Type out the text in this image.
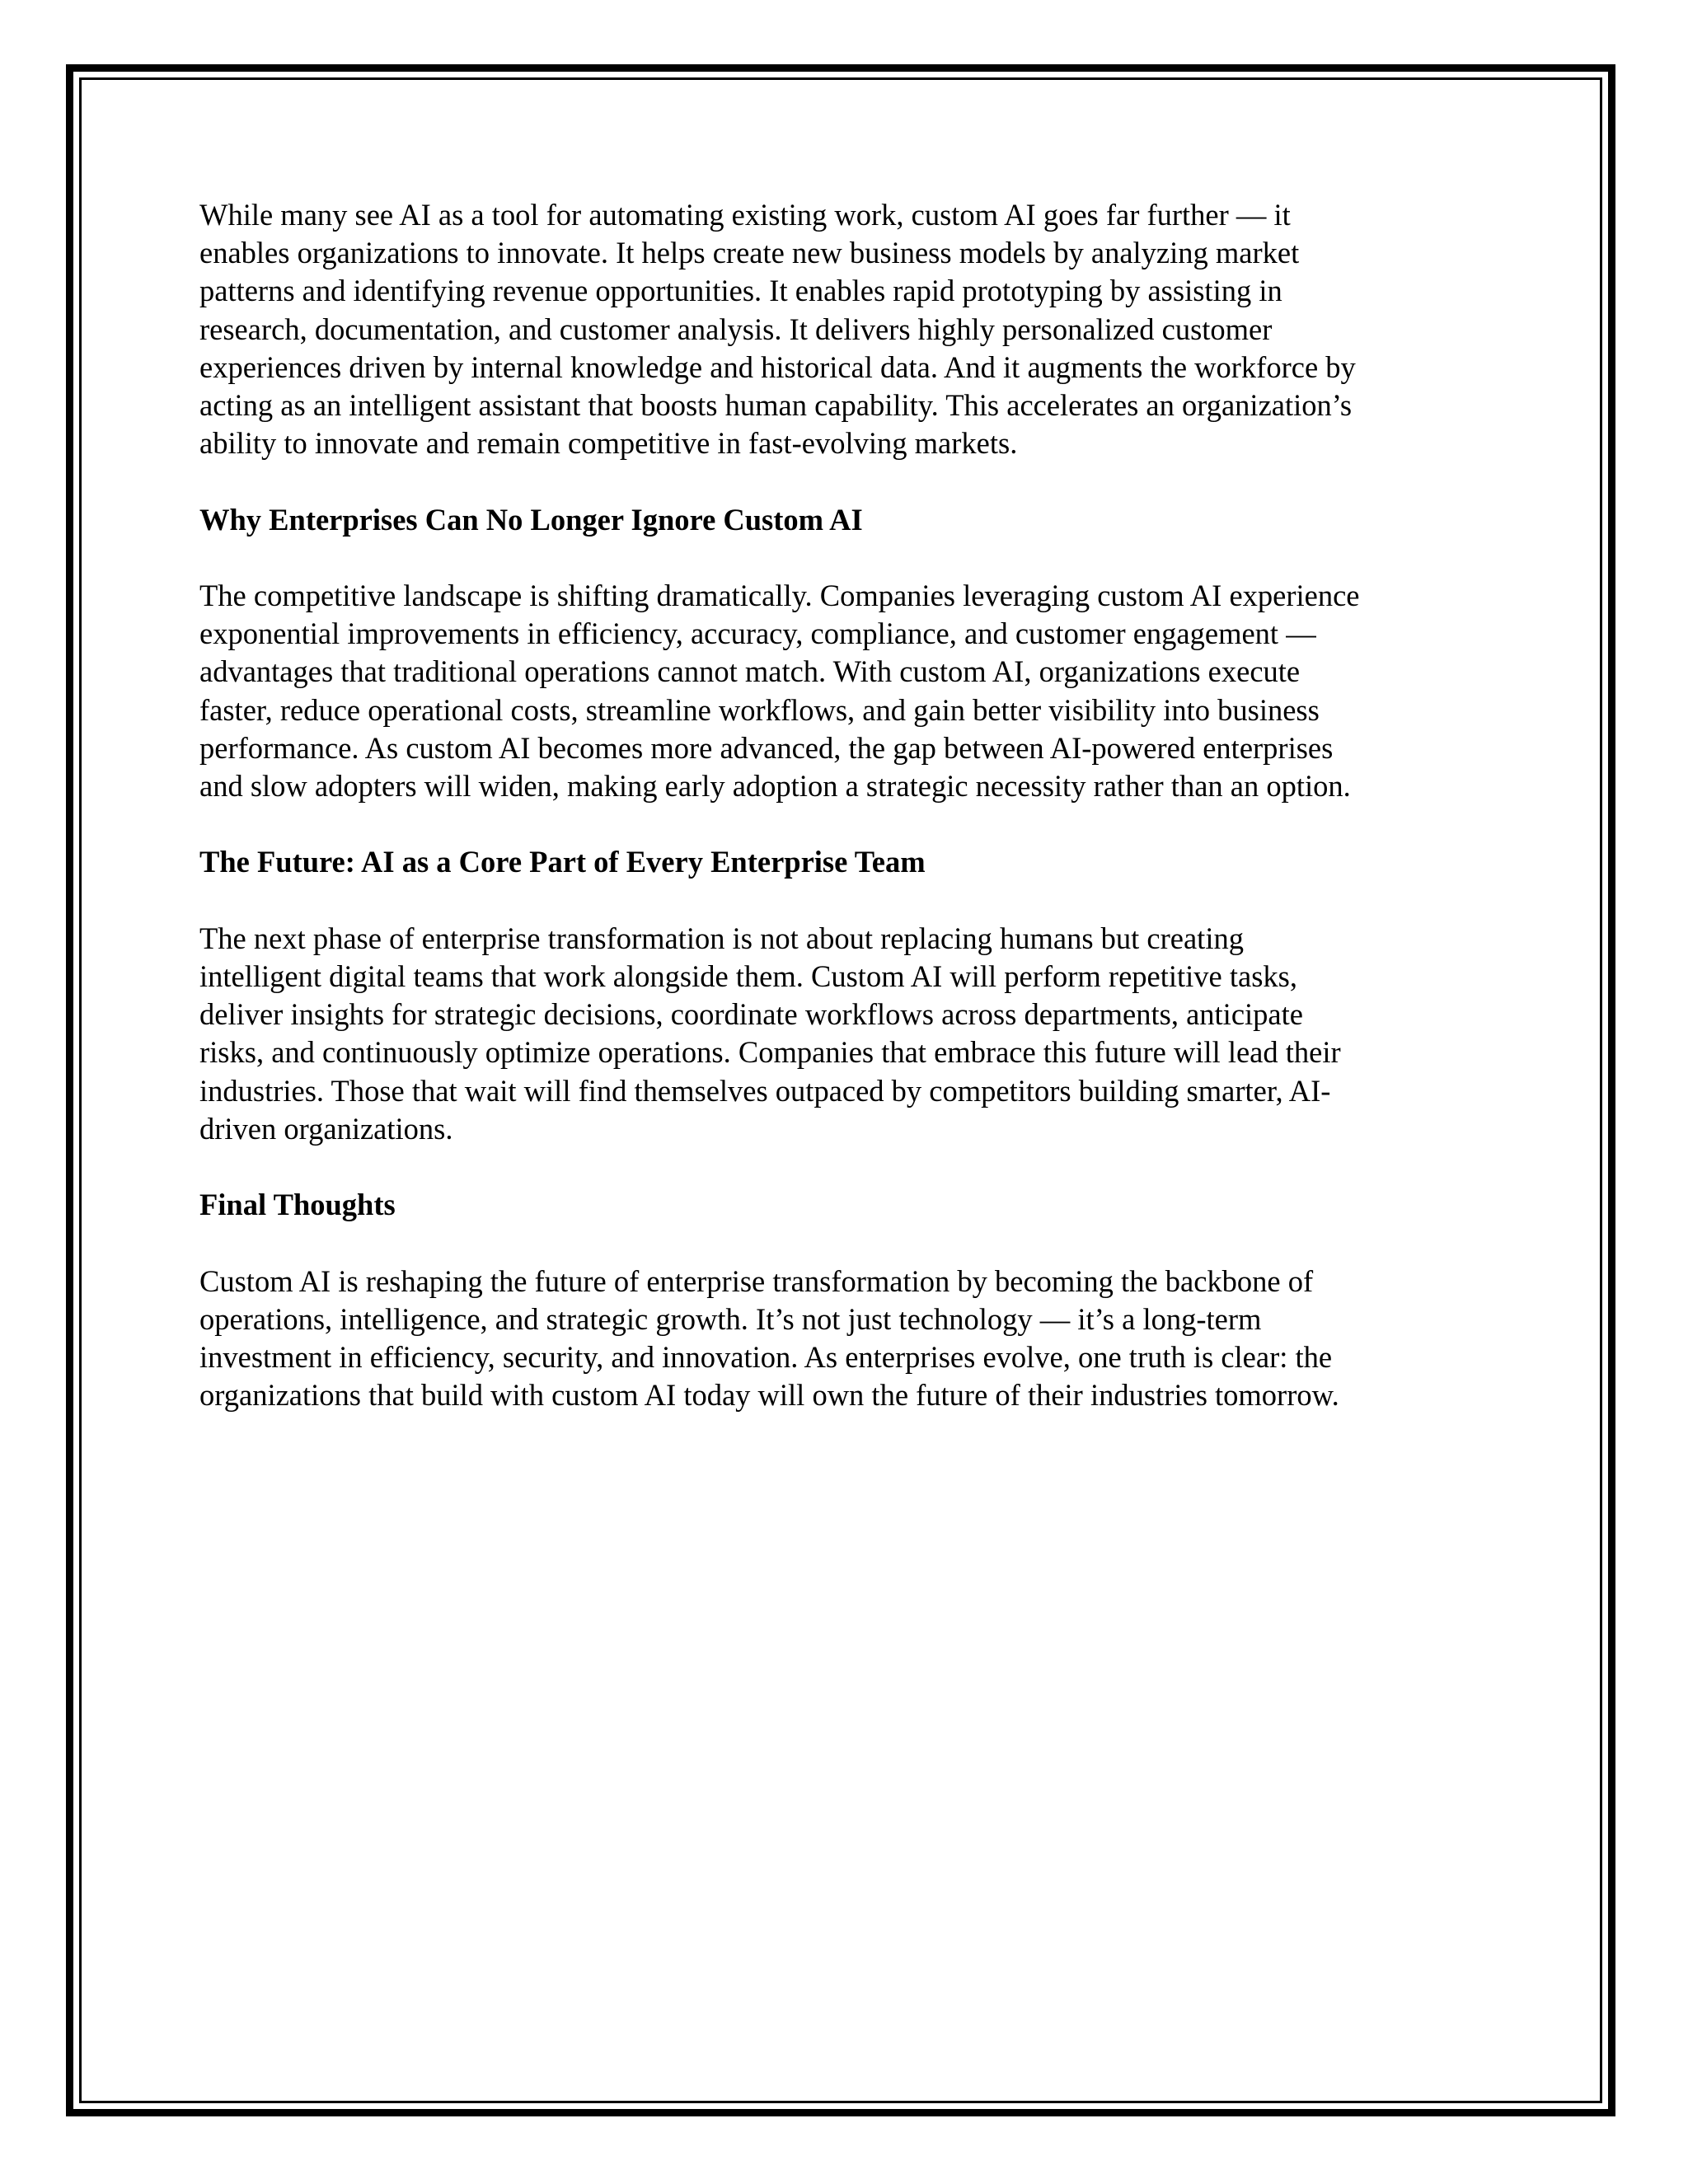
While many see AI as a tool for automating existing work, custom AI goes far further — it
enables organizations to innovate. It helps create new business models by analyzing market
patterns and identifying revenue opportunities. It enables rapid prototyping by assisting in
research, documentation, and customer analysis. It delivers highly personalized customer
experiences driven by internal knowledge and historical data. And it augments the workforce by
acting as an intelligent assistant that boosts human capability. This accelerates an organization’s
ability to innovate and remain competitive in fast-evolving markets.
Why Enterprises Can No Longer Ignore Custom AI
The competitive landscape is shifting dramatically. Companies leveraging custom AI experience
exponential improvements in efficiency, accuracy, compliance, and customer engagement —
advantages that traditional operations cannot match. With custom AI, organizations execute
faster, reduce operational costs, streamline workflows, and gain better visibility into business
performance. As custom AI becomes more advanced, the gap between AI-powered enterprises
and slow adopters will widen, making early adoption a strategic necessity rather than an option.
The Future: AI as a Core Part of Every Enterprise Team
The next phase of enterprise transformation is not about replacing humans but creating
intelligent digital teams that work alongside them. Custom AI will perform repetitive tasks,
deliver insights for strategic decisions, coordinate workflows across departments, anticipate
risks, and continuously optimize operations. Companies that embrace this future will lead their
industries. Those that wait will find themselves outpaced by competitors building smarter, AI-
driven organizations.
Final Thoughts
Custom AI is reshaping the future of enterprise transformation by becoming the backbone of
operations, intelligence, and strategic growth. It’s not just technology — it’s a long-term
investment in efficiency, security, and innovation. As enterprises evolve, one truth is clear: the
organizations that build with custom AI today will own the future of their industries tomorrow.
